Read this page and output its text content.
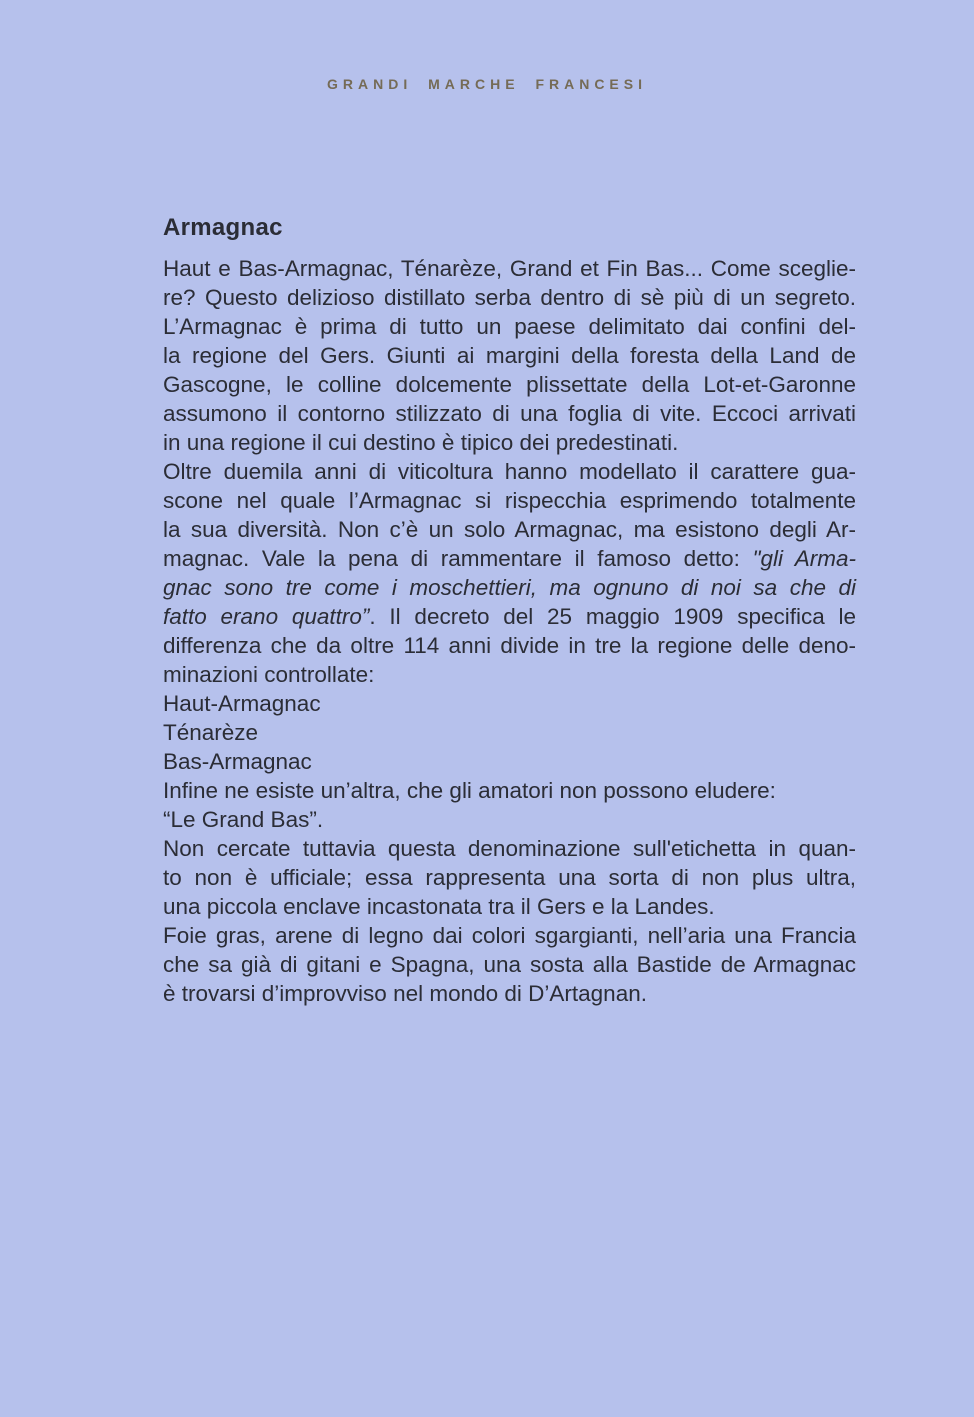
GRANDI MARCHE FRANCESI
Armagnac
Haut e Bas-Armagnac, Ténarèze, Grand et Fin Bas... Come sceglie-
re? Questo delizioso distillato serba dentro di sè più di un segreto.
L’Armagnac è prima di tutto un paese delimitato dai confini del-
la regione del Gers. Giunti ai margini della foresta della Land de
Gascogne, le colline dolcemente plissettate della Lot-et-Garonne
assumono il contorno stilizzato di una foglia di vite. Eccoci arrivati
in una regione il cui destino è tipico dei predestinati.
Oltre duemila anni di viticoltura hanno modellato il carattere gua-
scone nel quale l’Armagnac si rispecchia esprimendo totalmente
la sua diversità. Non c’è un solo Armagnac, ma esistono degli Ar-
magnac. Vale la pena di rammentare il famoso detto: "gli Arma-
gnac sono tre come i moschettieri, ma ognuno di noi sa che di
fatto erano quattro”. Il decreto del 25 maggio 1909 specifica le
differenza che da oltre 114 anni divide in tre la regione delle deno-
minazioni controllate:
Haut-Armagnac
Ténarèze
Bas-Armagnac
Infine ne esiste un’altra, che gli amatori non possono eludere:
“Le Grand Bas”.
Non cercate tuttavia questa denominazione sull'etichetta in quan-
to non è ufficiale; essa rappresenta una sorta di non plus ultra,
una piccola enclave incastonata tra il Gers e la Landes.
Foie gras, arene di legno dai colori sgargianti, nell’aria una Francia
che sa già di gitani e Spagna, una sosta alla Bastide de Armagnac
è trovarsi d’improvviso nel mondo di D’Artagnan.
